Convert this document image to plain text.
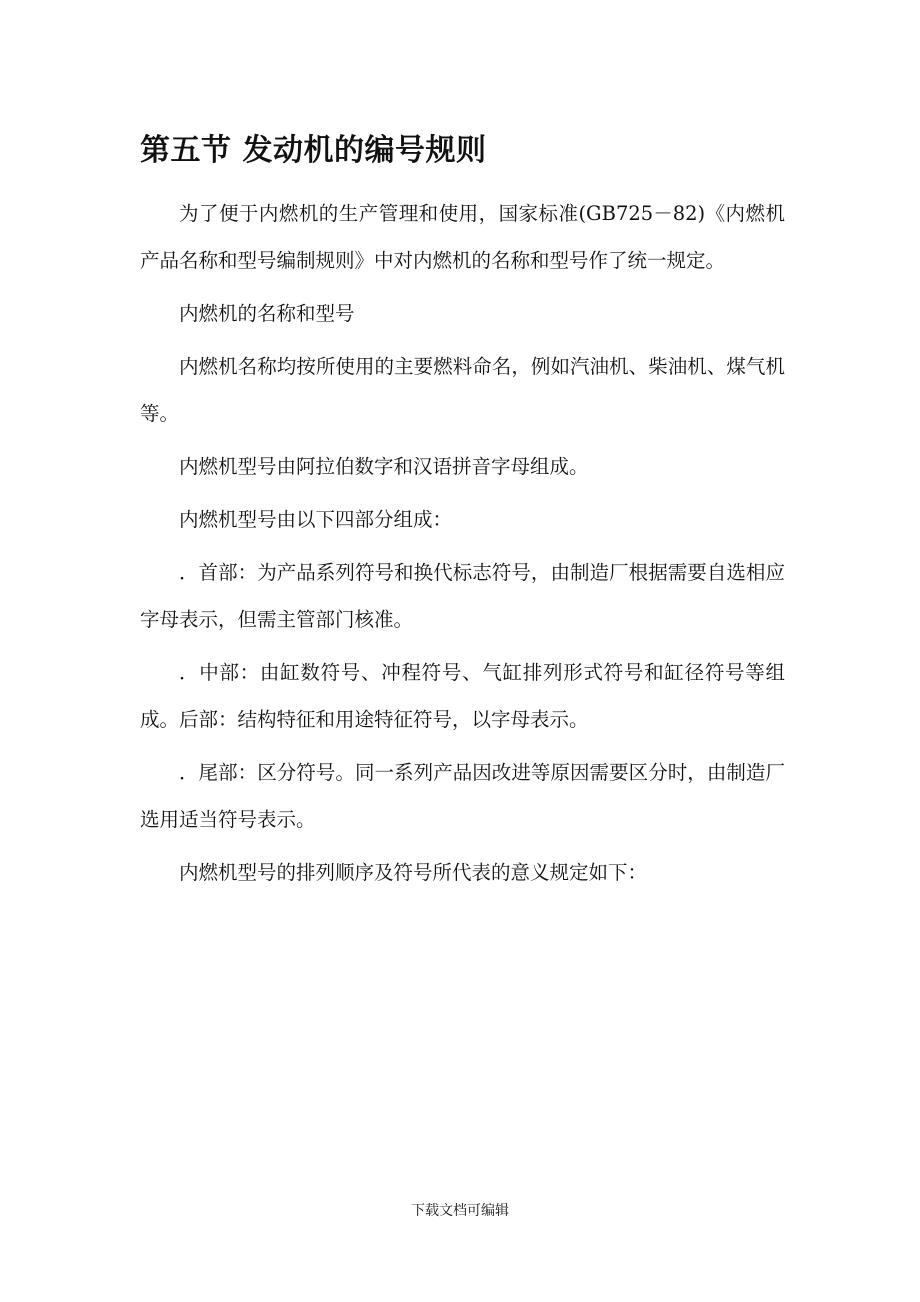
第五节 发动机的编号规则

为了便于内燃机的生产管理和使用，国家标准(GB725－82)《内燃机产品名称和型号编制规则》中对内燃机的名称和型号作了统一规定。

内燃机的名称和型号

内燃机名称均按所使用的主要燃料命名，例如汽油机、柴油机、煤气机等。

内燃机型号由阿拉伯数字和汉语拼音字母组成。

内燃机型号由以下四部分组成：

．首部：为产品系列符号和换代标志符号，由制造厂根据需要自选相应字母表示，但需主管部门核准。

．中部：由缸数符号、冲程符号、气缸排列形式符号和缸径符号等组成。后部：结构特征和用途特征符号，以字母表示。

．尾部：区分符号。同一系列产品因改进等原因需要区分时，由制造厂选用适当符号表示。

内燃机型号的排列顺序及符号所代表的意义规定如下：

下载文档可编辑
